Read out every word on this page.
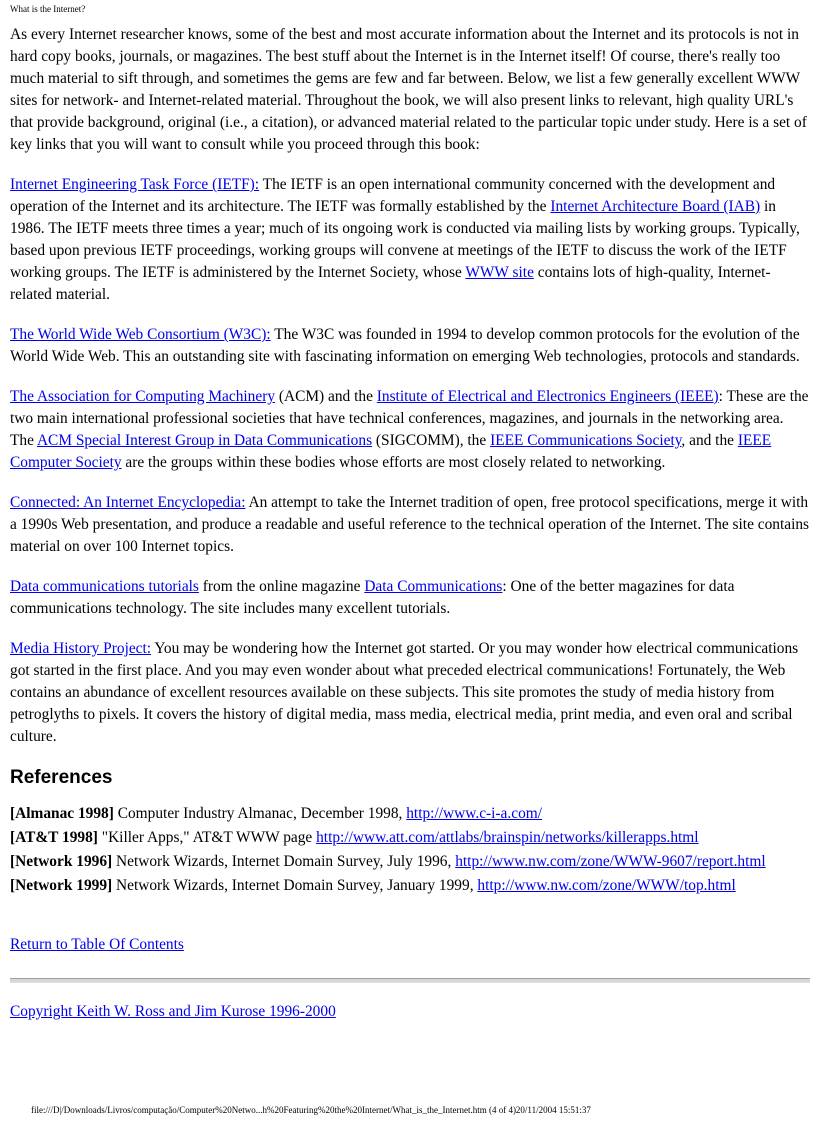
What is the Internet?

As every Internet researcher knows, some of the best and most accurate information about the Internet and its protocols is not in hard copy books, journals, or magazines. The best stuff about the Internet is in the Internet itself! Of course, there's really too much material to sift through, and sometimes the gems are few and far between. Below, we list a few generally excellent WWW sites for network- and Internet-related material. Throughout the book, we will also present links to relevant, high quality URL's that provide background, original (i.e., a citation), or advanced material related to the particular topic under study. Here is a set of key links that you will want to consult while you proceed through this book:

Internet Engineering Task Force (IETF): The IETF is an open international community concerned with the development and operation of the Internet and its architecture. The IETF was formally established by the Internet Architecture Board (IAB) in 1986. The IETF meets three times a year; much of its ongoing work is conducted via mailing lists by working groups. Typically, based upon previous IETF proceedings, working groups will convene at meetings of the IETF to discuss the work of the IETF working groups. The IETF is administered by the Internet Society, whose WWW site contains lots of high-quality, Internet-related material.

The World Wide Web Consortium (W3C): The W3C was founded in 1994 to develop common protocols for the evolution of the World Wide Web. This an outstanding site with fascinating information on emerging Web technologies, protocols and standards.

The Association for Computing Machinery (ACM) and the Institute of Electrical and Electronics Engineers (IEEE): These are the two main international professional societies that have technical conferences, magazines, and journals in the networking area. The ACM Special Interest Group in Data Communications (SIGCOMM), the IEEE Communications Society, and the IEEE Computer Society are the groups within these bodies whose efforts are most closely related to networking.

Connected: An Internet Encyclopedia: An attempt to take the Internet tradition of open, free protocol specifications, merge it with a 1990s Web presentation, and produce a readable and useful reference to the technical operation of the Internet. The site contains material on over 100 Internet topics.

Data communications tutorials from the online magazine Data Communications: One of the better magazines for data communications technology. The site includes many excellent tutorials.

Media History Project: You may be wondering how the Internet got started. Or you may wonder how electrical communications got started in the first place. And you may even wonder about what preceded electrical communications! Fortunately, the Web contains an abundance of excellent resources available on these subjects. This site promotes the study of media history from petroglyths to pixels. It covers the history of digital media, mass media, electrical media, print media, and even oral and scribal culture.

References
[Almanac 1998] Computer Industry Almanac, December 1998, http://www.c-i-a.com/
[AT&T 1998] "Killer Apps," AT&T WWW page http://www.att.com/attlabs/brainspin/networks/killerapps.html
[Network 1996] Network Wizards, Internet Domain Survey, July 1996, http://www.nw.com/zone/WWW-9607/report.html
[Network 1999] Network Wizards, Internet Domain Survey, January 1999, http://www.nw.com/zone/WWW/top.html

Return to Table Of Contents

Copyright Keith W. Ross and Jim Kurose 1996-2000

file:///D|/Downloads/Livros/computação/Computer%20Netwo...h%20Featuring%20the%20Internet/What_is_the_Internet.htm (4 of 4)20/11/2004 15:51:37
